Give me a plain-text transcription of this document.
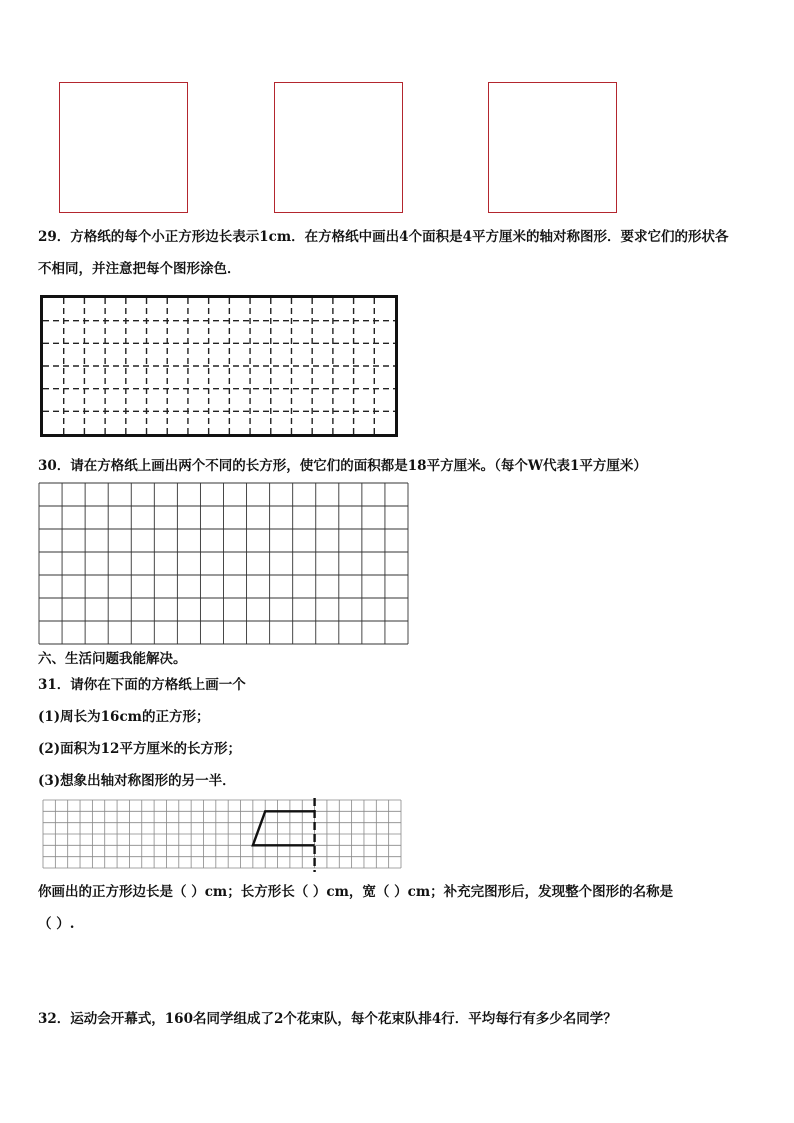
29．方格纸的每个小正方形边长表示1cm．在方格纸中画出4个面积是4平方厘米的轴对称图形．要求它们的形状各
不相同，并注意把每个图形涂色．
30．请在方格纸上画出两个不同的长方形，使它们的面积都是18平方厘米。（每个W代表1平方厘米）
六、生活问题我能解决。
31．请你在下面的方格纸上画一个
(1)周长为16cm的正方形；
(2)面积为12平方厘米的长方形；
(3)想象出轴对称图形的另一半．
你画出的正方形边长是（ ）cm；长方形长（ ）cm，宽（ ）cm；补充完图形后，发现整个图形的名称是
（ ）.
32．运动会开幕式，160名同学组成了2个花束队，每个花束队排4行．平均每行有多少名同学？
